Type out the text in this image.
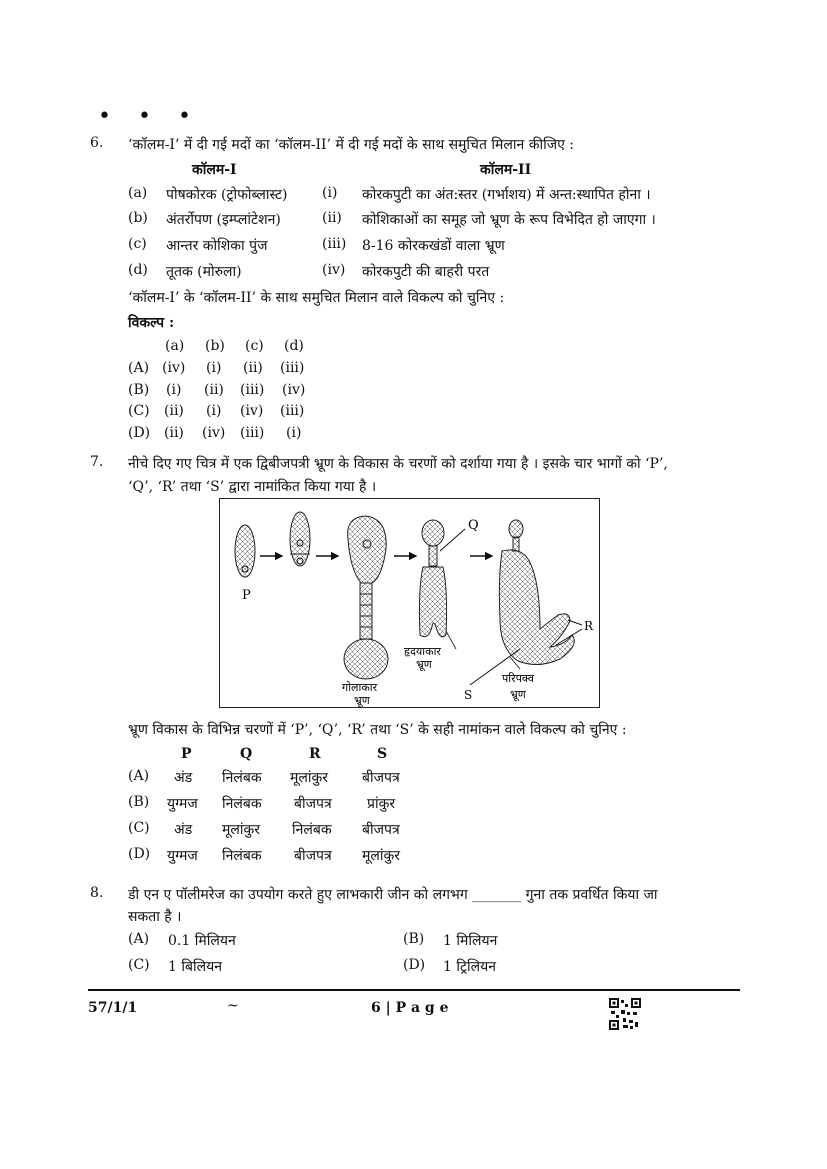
• • •
6. ‘कॉलम-I’ में दी गई मदों का ‘कॉलम-II’ में दी गई मदों के साथ समुचित मिलान कीजिए :
कॉलम-I	कॉलम-II
(a) पोषकोरक (ट्रोफोब्लास्ट) (i) कोरकपुटी का अंत:स्तर (गर्भाशय) में अन्त:स्थापित होना ।
(b) अंतर्रोपण (इम्प्लांटेशन)	(ii) कोशिकाओं का समूह जो भ्रूण के रूप विभेदित हो जाएगा ।
(c) आन्तर कोशिका पुंज	(iii) 8-16 कोरकखंडों वाला भ्रूण
(d) तूतक (मोरुला)	(iv) कोरकपुटी की बाहरी परत
‘कॉलम-I’ के ‘कॉलम-II’ के साथ समुचित मिलान वाले विकल्प को चुनिए :
विकल्प :
(a) (b) (c) (d)
(A) (iv) (i) (ii) (iii)
(B) (i) (ii) (iii) (iv)
(C) (ii) (i) (iv) (iii)
(D) (ii) (iv) (iii) (i)
7. नीचे दिए गए चित्र में एक द्विबीजपत्री भ्रूण के विकास के चरणों को दर्शाया गया है । इसके चार भागों को ‘P’,
‘Q’, ‘R’ तथा ‘S’ द्वारा नामांकित किया गया है ।
P
Q
R
S
गोलाकार
भ्रूण
हृदयाकार
भ्रूण
परिपक्व
भ्रूण
भ्रूण विकास के विभिन्न चरणों में ‘P’, ‘Q’, ‘R’ तथा ‘S’ के सही नामांकन वाले विकल्प को चुनिए :
P	Q	R	S
(A) अंड निलंबक मूलांकुर बीजपत्र
(B) युग्मज निलंबक बीजपत्र	प्रांकुर
(C) अंड मूलांकुर निलंबक बीजपत्र
(D) युग्मज निलंबक बीजपत्र मूलांकुर
8. डी एन ए पॉलीमरेज का उपयोग करते हुए लाभकारी जीन को लगभग _______ गुना तक प्रवर्धित किया जा
सकता है ।
(A) 0.1 मिलियन	(B) 1 मिलियन
(C) 1 बिलियन	(D) 1 ट्रिलियन
57/1/1	~	6 | P a g e
